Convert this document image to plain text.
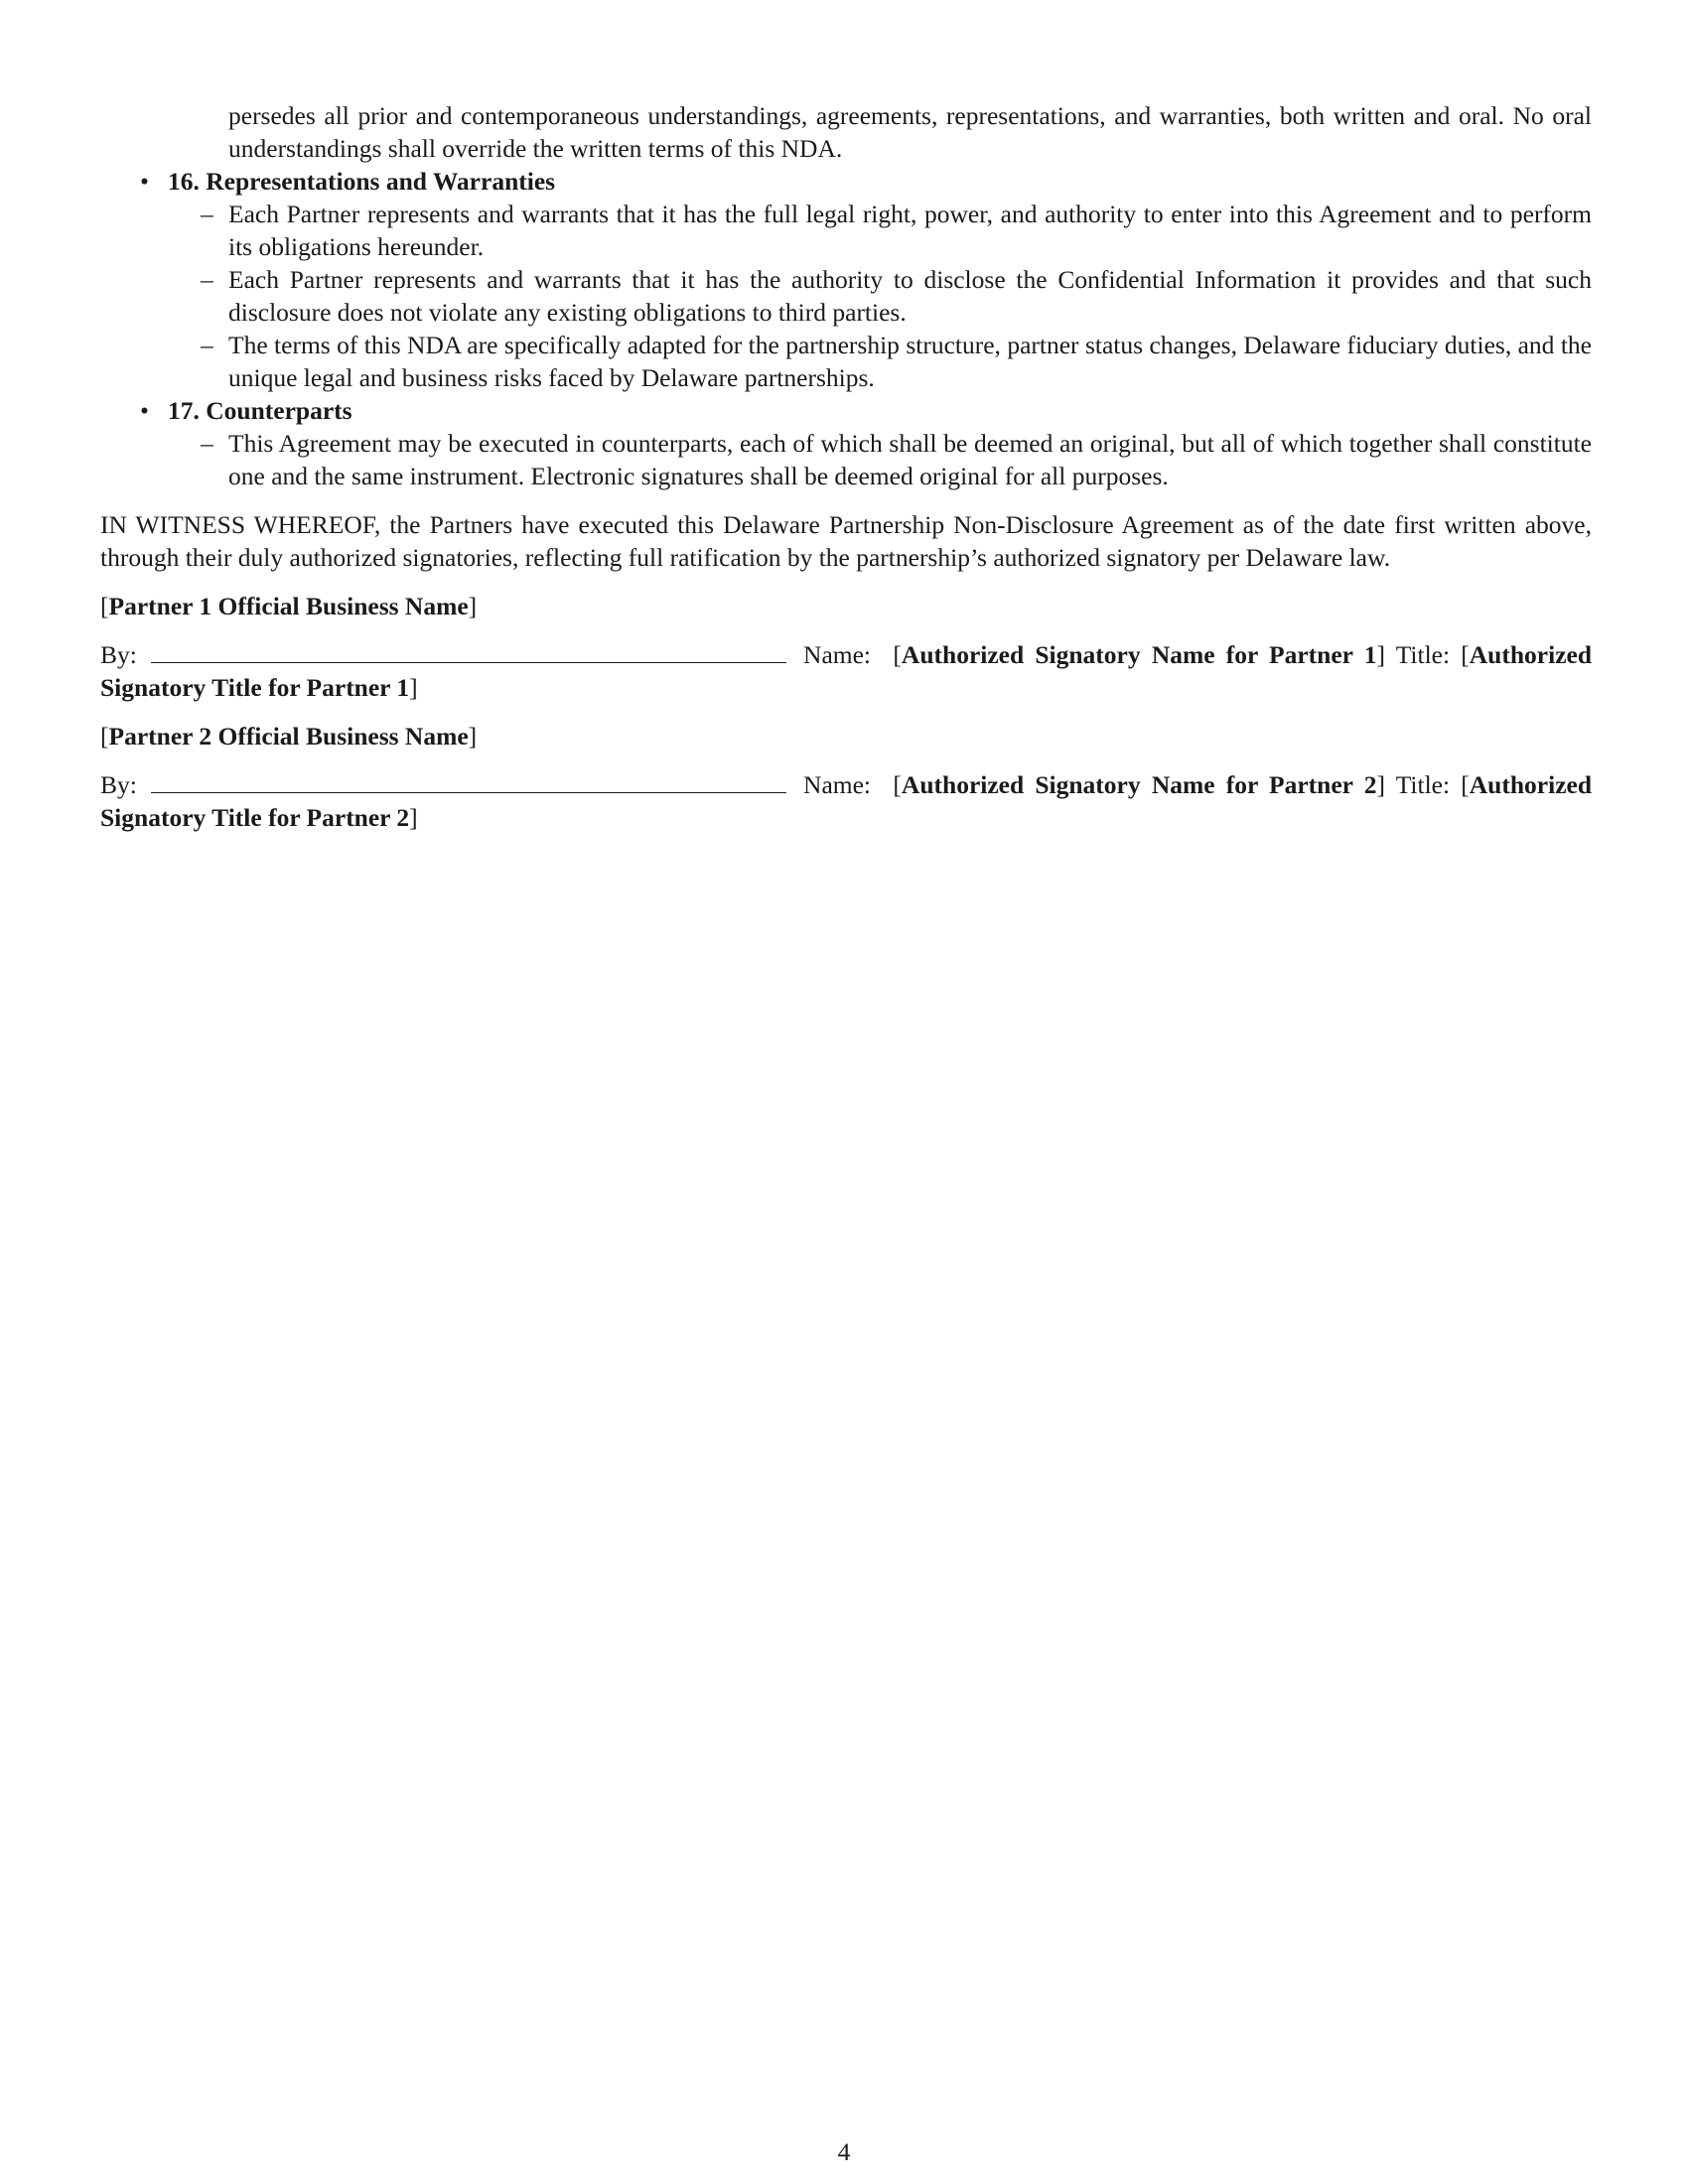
persedes all prior and contemporaneous understandings, agreements, representations, and warranties, both written and oral. No oral understandings shall override the written terms of this NDA.
• 16. Representations and Warranties
– Each Partner represents and warrants that it has the full legal right, power, and authority to enter into this Agreement and to perform its obligations hereunder.
– Each Partner represents and warrants that it has the authority to disclose the Confidential Information it provides and that such disclosure does not violate any existing obligations to third parties.
– The terms of this NDA are specifically adapted for the partnership structure, partner status changes, Delaware fiduciary duties, and the unique legal and business risks faced by Delaware partnerships.
• 17. Counterparts
– This Agreement may be executed in counterparts, each of which shall be deemed an original, but all of which together shall constitute one and the same instrument. Electronic signatures shall be deemed original for all purposes.
IN WITNESS WHEREOF, the Partners have executed this Delaware Partnership Non-Disclosure Agreement as of the date first written above, through their duly authorized signatories, reflecting full ratification by the partnership’s authorized signatory per Delaware law.
[Partner 1 Official Business Name]
By:	Name:  [Authorized Signatory Name for Partner 1] Title: [Authorized Signatory Title for Partner 1]
[Partner 2 Official Business Name]
By:	Name:  [Authorized Signatory Name for Partner 2] Title: [Authorized Signatory Title for Partner 2]
4
